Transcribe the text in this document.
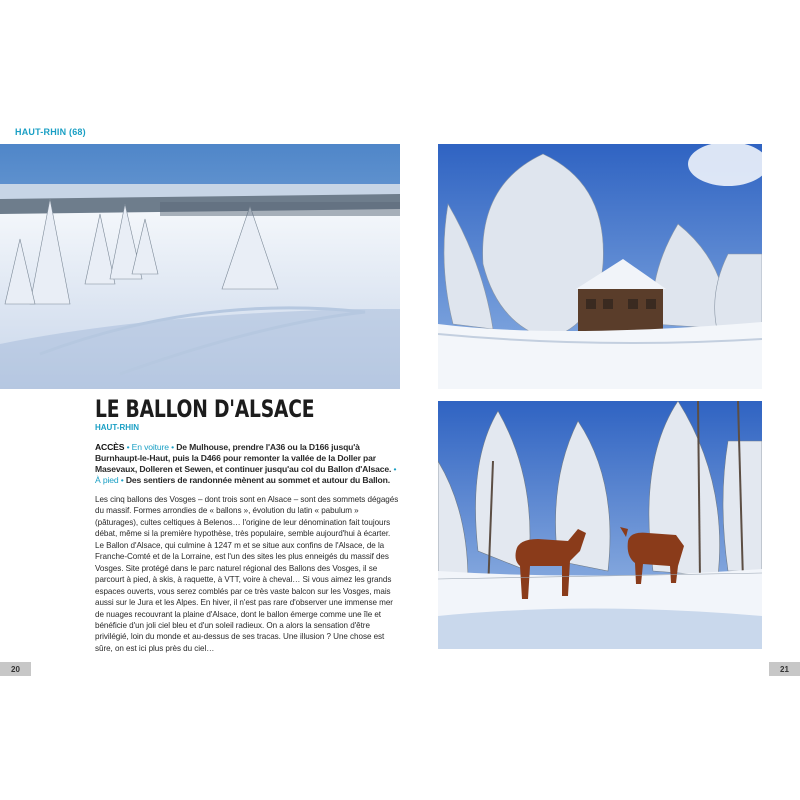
HAUT-RHIN (68)
LE BALLON D'ALSACE
HAUT-RHIN
ACCÈS • En voiture • De Mulhouse, prendre l'A36 ou la D166 jusqu'à Burnhaupt-le-Haut, puis la D466 pour remonter la vallée de la Doller par Masevaux, Dolleren et Sewen, et continuer jusqu'au col du Ballon d'Alsace. • À pied • Des sentiers de randonnée mènent au sommet et autour du Ballon.
Les cinq ballons des Vosges – dont trois sont en Alsace – sont des sommets dégagés du massif. Formes arrondies de « ballons », évolution du latin « pabulum » (pâturages), cultes celtiques à Belenos… l'origine de leur dénomination fait toujours débat, même si la première hypothèse, très populaire, semble aujourd'hui à écarter. Le Ballon d'Alsace, qui culmine à 1247 m et se situe aux confins de l'Alsace, de la Franche-Comté et de la Lorraine, est l'un des sites les plus enneigés du massif des Vosges. Site protégé dans le parc naturel régional des Ballons des Vosges, il se parcourt à pied, à skis, à raquette, à VTT, voire à cheval… Si vous aimez les grands espaces ouverts, vous serez comblés par ce très vaste balcon sur les Vosges, mais aussi sur le Jura et les Alpes. En hiver, il n'est pas rare d'observer une immense mer de nuages recouvrant la plaine d'Alsace, dont le ballon émerge comme une île et bénéficie d'un joli ciel bleu et d'un soleil radieux. On a alors la sensation d'être privilégié, loin du monde et au-dessus de ses tracas. Une illusion ? Une chose est sûre, on est ici plus près du ciel…
20	21
